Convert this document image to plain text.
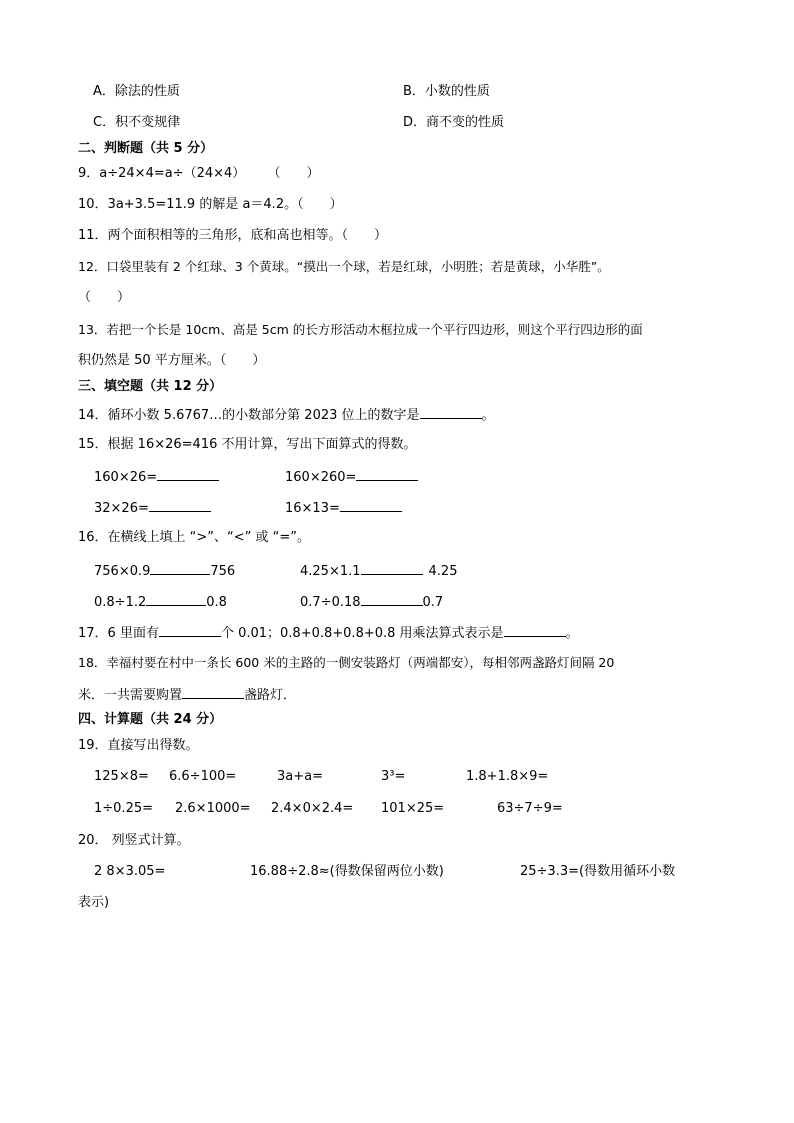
A．除法的性质	B．小数的性质
C．积不变规律	D．商不变的性质
二、判断题（共 5 分）
9．a÷24×4=a÷（24×4） （　　）
10．3a+3.5=11.9 的解是 a＝4.2。（　　）
11．两个面积相等的三角形，底和高也相等。（　　）
12．口袋里装有 2 个红球、3 个黄球。“摸出一个球，若是红球，小明胜；若是黄球，小华胜”。
（　　）
13．若把一个长是 10cm、高是 5cm 的长方形活动木框拉成一个平行四边形，则这个平行四边形的面
积仍然是 50 平方厘米。（　　）
三、填空题（共 12 分）
14．循环小数 5.6767…的小数部分第 2023 位上的数字是	。
15．根据 16×26=416 不用计算，写出下面算式的得数。
160×26=	160×260=
32×26=	16×13=
16．在横线上填上 “>”、“<” 或 “=”。
756×0.9	756	4.25×1.1	4.25
0.8÷1.2	0.8	0.7÷0.18	0.7
17．6 里面有	个 0.01；0.8+0.8+0.8+0.8 用乘法算式表示是	。
18．幸福村要在村中一条长 600 米的主路的一侧安装路灯（两端都安），每相邻两盏路灯间隔 20
米．一共需要购置	盏路灯．
四、计算题（共 24 分）
19．直接写出得数。
125×8= 6.6÷100=	3a+a=	3³=	1.8+1.8×9=
1÷0.25= 2.6×1000= 2.4×0×2.4= 101×25=	63÷7÷9=
20． 列竖式计算。
2 8×3.05=	16.88÷2.8≈(得数保留两位小数)	25÷3.3=(得数用循环小数
表示)
